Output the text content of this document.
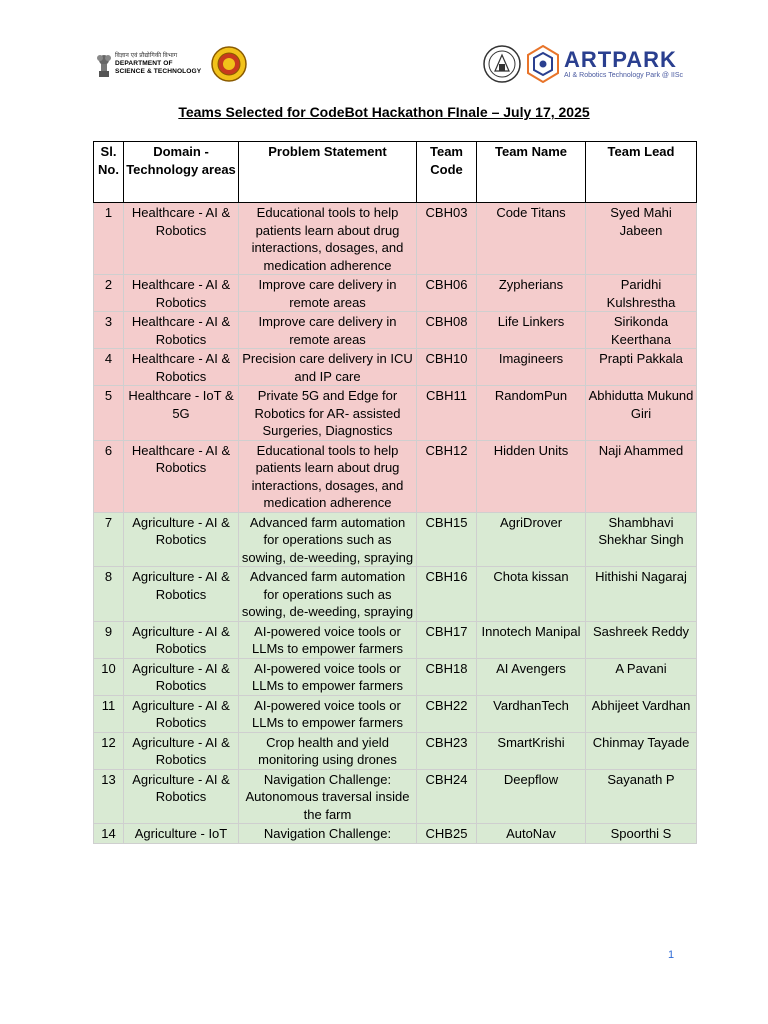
विज्ञान एवं प्रौद्योगिकी विभाग
DEPARTMENT OF
SCIENCE & TECHNOLOGY	ARTPARK
AI & Robotics Technology Park @ IISc
Teams Selected for CodeBot Hackathon FInale – July 17, 2025
Sl. No.	Domain - Technology areas	Problem Statement	Team Code	Team Name	Team Lead
1	Healthcare - AI & Robotics	Educational tools to help patients learn about drug interactions, dosages, and medication adherence	CBH03	Code Titans	Syed Mahi Jabeen
2	Healthcare - AI & Robotics	Improve care delivery in remote areas	CBH06	Zypherians	Paridhi Kulshrestha
3	Healthcare - AI & Robotics	Improve care delivery in remote areas	CBH08	Life Linkers	Sirikonda Keerthana
4	Healthcare - AI & Robotics	Precision care delivery in ICU and IP care	CBH10	Imagineers	Prapti Pakkala
5	Healthcare - IoT & 5G	Private 5G and Edge for Robotics for AR- assisted Surgeries, Diagnostics	CBH11	RandomPun	Abhidutta Mukund Giri
6	Healthcare - AI & Robotics	Educational tools to help patients learn about drug interactions, dosages, and medication adherence	CBH12	Hidden Units	Naji Ahammed
7	Agriculture - AI & Robotics	Advanced farm automation for operations such as sowing, de-weeding, spraying	CBH15	AgriDrover	Shambhavi Shekhar Singh
8	Agriculture - AI & Robotics	Advanced farm automation for operations such as sowing, de-weeding, spraying	CBH16	Chota kissan	Hithishi Nagaraj
9	Agriculture - AI & Robotics	AI-powered voice tools or LLMs to empower farmers	CBH17	Innotech Manipal	Sashreek Reddy
10	Agriculture - AI & Robotics	AI-powered voice tools or LLMs to empower farmers	CBH18	AI Avengers	A Pavani
11	Agriculture - AI & Robotics	AI-powered voice tools or LLMs to empower farmers	CBH22	VardhanTech	Abhijeet Vardhan
12	Agriculture - AI & Robotics	Crop health and yield monitoring using drones	CBH23	SmartKrishi	Chinmay Tayade
13	Agriculture - AI & Robotics	Navigation Challenge: Autonomous traversal inside the farm	CBH24	Deepflow	Sayanath P
14	Agriculture - IoT	Navigation Challenge:	CHB25	AutoNav	Spoorthi S
1
